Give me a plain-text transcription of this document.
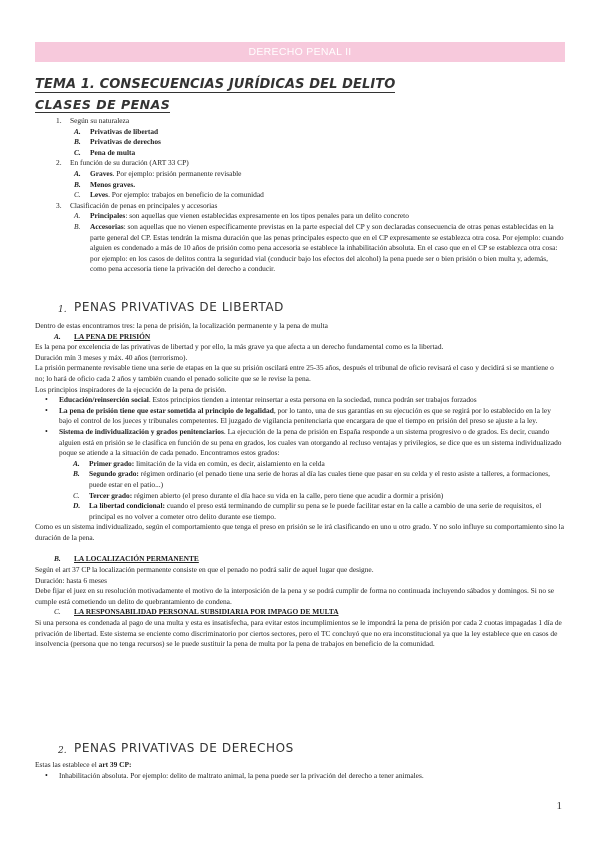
DERECHO PENAL II
TEMA 1. CONSECUENCIAS JURÍDICAS DEL DELITO
CLASES DE PENAS
1.	Según su naturaleza
A.	Privativas de libertad
B.	Privativas de derechos
C.	Pena de multa
2.	En función de su duración (ART 33 CP)
A.	Graves. Por ejemplo: prisión permanente revisable
B.	Menos graves.
C.	Leves. Por ejemplo: trabajos en beneficio de la comunidad
3.	Clasificación de penas en principales y accesorias
A.	Principales: son aquellas que vienen establecidas expresamente en los tipos penales para un delito concreto
B.	Accesorias: son aquellas que no vienen específicamente previstas en la parte especial del CP y son declaradas consecuencia de otras penas establecidas en la parte general del CP. Estas tendrán la misma duración que las penas principales especto que en el CP expresamente se establezca otra cosa. Por ejemplo: cuando alguien es condenado a más de 10 años de prisión como pena accesoria se establece la inhabilitación absoluta. En el caso que en el CP se establezca otra cosa: por ejemplo: en los casos de delitos contra la seguridad vial (conducir bajo los efectos del alcohol) la pena puede ser o bien prisión o bien multa y, además, como pena accesoria tiene la privación del derecho a conducir.
1. PENAS PRIVATIVAS DE LIBERTAD
Dentro de estas encontramos tres: la pena de prisión, la localización permanente y la pena de multa
A. LA PENA DE PRISIÓN
Es la pena por excelencia de las privativas de libertad y por ello, la más grave ya que afecta a un derecho fundamental como es la libertad.
Duración mín 3 meses y máx. 40 años (terrorismo).
La prisión permanente revisable tiene una serie de etapas en la que su prisión oscilará entre 25-35 años, después el tribunal de oficio revisará el caso y decidirá si se mantiene o no; lo hará de oficio cada 2 años y también cuando el penado solicite que se le revise la pena.
Los principios inspiradores de la ejecución de la pena de prisión.
•	Educación/reinserción social. Estos principios tienden a intentar reinsertar a esta persona en la sociedad, nunca podrán ser trabajos forzados
•	La pena de prisión tiene que estar sometida al principio de legalidad, por lo tanto, una de sus garantías en su ejecución es que se regirá por lo establecido en la ley bajo el control de los jueces y tribunales competentes. El juzgado de vigilancia penitenciaria que encargara de que el tiempo en prisión del preso se ajuste a la ley.
•	Sistema de individualización y grados penitenciarios. La ejecución de la pena de prisión en España responde a un sistema progresivo o de grados. Es decir, cuando alguien está en prisión se le clasifica en función de su pena en grados, los cuales van otorgando al recluso ventajas y privilegios, se dice que es un sistema individualizado poque se atiende a la situación de cada penado. Encontramos estos grados:
A.	Primer grado: limitación de la vida en común, es decir, aislamiento en la celda
B.	Segundo grado: régimen ordinario (el penado tiene una serie de horas al día las cuales tiene que pasar en su celda y el resto asiste a talleres, a formaciones, puede estar en el patio...)
C.	Tercer grado: régimen abierto (el preso durante el día hace su vida en la calle, pero tiene que acudir a dormir a prisión)
D.	La libertad condicional: cuando el preso está terminando de cumplir su pena se le puede facilitar estar en la calle a cambio de una serie de requisitos, el principal es no volver a cometer otro delito durante ese tiempo.
Como es un sistema individualizado, según el comportamiento que tenga el preso en prisión se le irá clasificando en uno u otro grado. Y no solo influye su comportamiento sino la duración de la pena.
B. LA LOCALIZACIÓN PERMANENTE
Según el art 37 CP la localización permanente consiste en que el penado no podrá salir de aquel lugar que designe.
Duración: hasta 6 meses
Debe fijar el juez en su resolución motivadamente el motivo de la interposición de la pena y se podrá cumplir de forma no continuada incluyendo sábados y domingos. Si no se cumple está cometiendo un delito de quebrantamiento de condena.
C. LA RESPONSABILIDAD PERSONAL SUBSIDIARIA POR IMPAGO DE MULTA
Si una persona es condenada al pago de una multa y esta es insatisfecha, para evitar estos incumplimientos se le impondrá la pena de prisión por cada 2 cuotas impagadas 1 día de privación de libertad. Este sistema se enciente como discriminatorio por ciertos sectores, pero el TC concluyó que no era inconstitucional ya que la ley establece que en casos de insolvencia (persona que no tenga recursos) se le puede sustituir la pena de multa por la pena de trabajos en beneficio de la comunidad.
2. PENAS PRIVATIVAS DE DERECHOS
Estas las establece el art 39 CP:
•	Inhabilitación absoluta. Por ejemplo: delito de maltrato animal, la pena puede ser la privación del derecho a tener animales.
1
